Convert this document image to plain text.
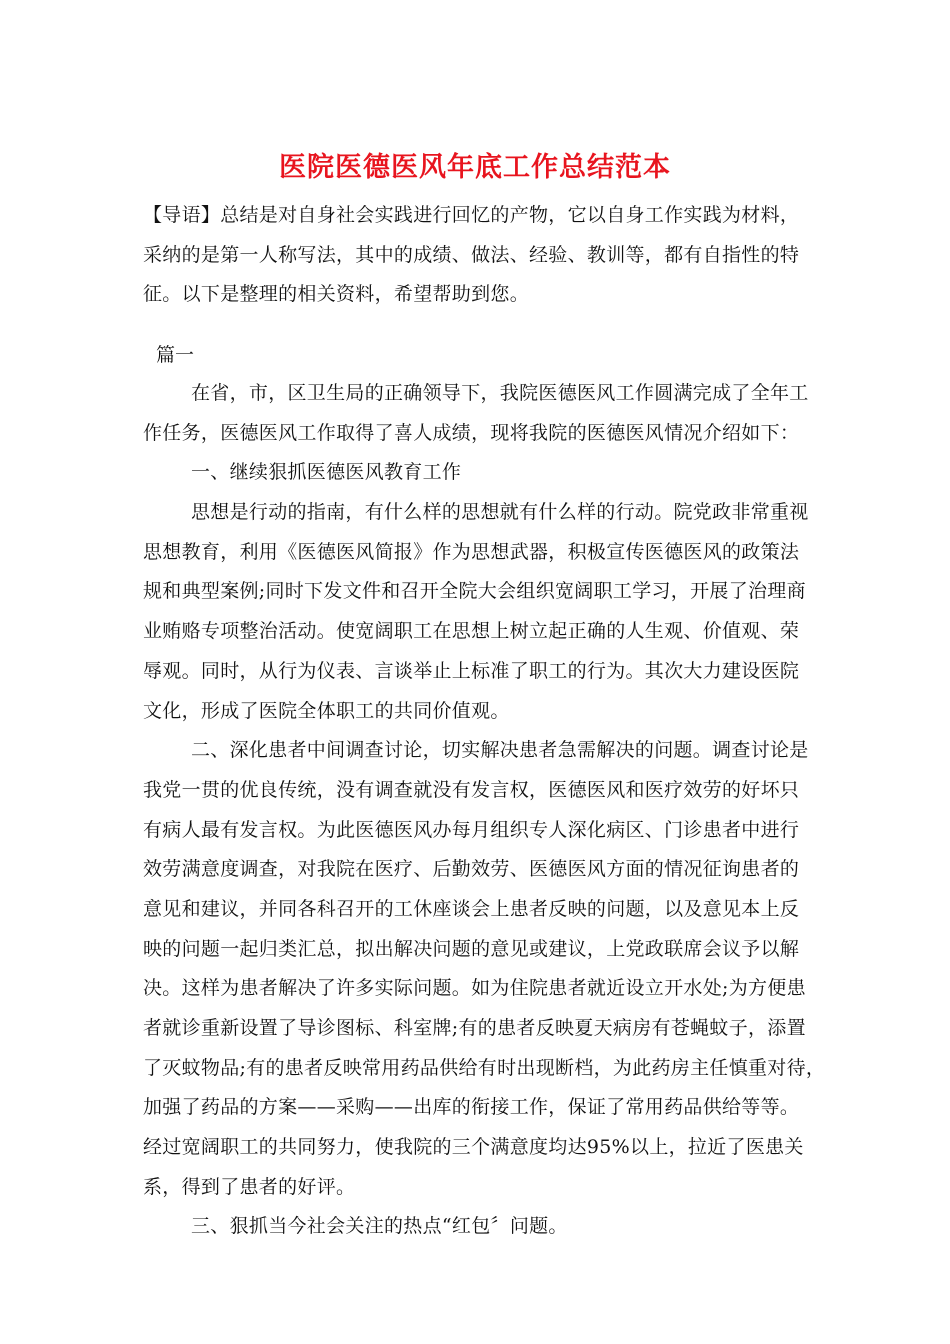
医院医德医风年底工作总结范本
【导语】总结是对自身社会实践进行回忆的产物，它以自身工作实践为材料，
采纳的是第一人称写法，其中的成绩、做法、经验、教训等，都有自指性的特
征。以下是整理的相关资料，希望帮助到您。
篇一
在省，市，区卫生局的正确领导下，我院医德医风工作圆满完成了全年工
作任务，医德医风工作取得了喜人成绩，现将我院的医德医风情况介绍如下：
一、继续狠抓医德医风教育工作
思想是行动的指南，有什么样的思想就有什么样的行动。院党政非常重视
思想教育，利用《医德医风简报》作为思想武器，积极宣传医德医风的政策法
规和典型案例;同时下发文件和召开全院大会组织宽阔职工学习，开展了治理商
业贿赂专项整治活动。使宽阔职工在思想上树立起正确的人生观、价值观、荣
辱观。同时，从行为仪表、言谈举止上标准了职工的行为。其次大力建设医院
文化，形成了医院全体职工的共同价值观。
二、深化患者中间调查讨论，切实解决患者急需解决的问题。调查讨论是
我党一贯的优良传统，没有调查就没有发言权，医德医风和医疗效劳的好坏只
有病人最有发言权。为此医德医风办每月组织专人深化病区、门诊患者中进行
效劳满意度调查，对我院在医疗、后勤效劳、医德医风方面的情况征询患者的
意见和建议，并同各科召开的工休座谈会上患者反映的问题，以及意见本上反
映的问题一起归类汇总，拟出解决问题的意见或建议，上党政联席会议予以解
决。这样为患者解决了许多实际问题。如为住院患者就近设立开水处;为方便患
者就诊重新设置了导诊图标、科室牌;有的患者反映夏天病房有苍蝇蚊子，添置
了灭蚊物品;有的患者反映常用药品供给有时出现断档，为此药房主任慎重对待，
加强了药品的方案——采购——出库的衔接工作，保证了常用药品供给等等。
经过宽阔职工的共同努力，使我院的三个满意度均达95%以上，拉近了医患关
系，得到了患者的好评。
三、狠抓当今社会关注的热点“红包〞问题。
